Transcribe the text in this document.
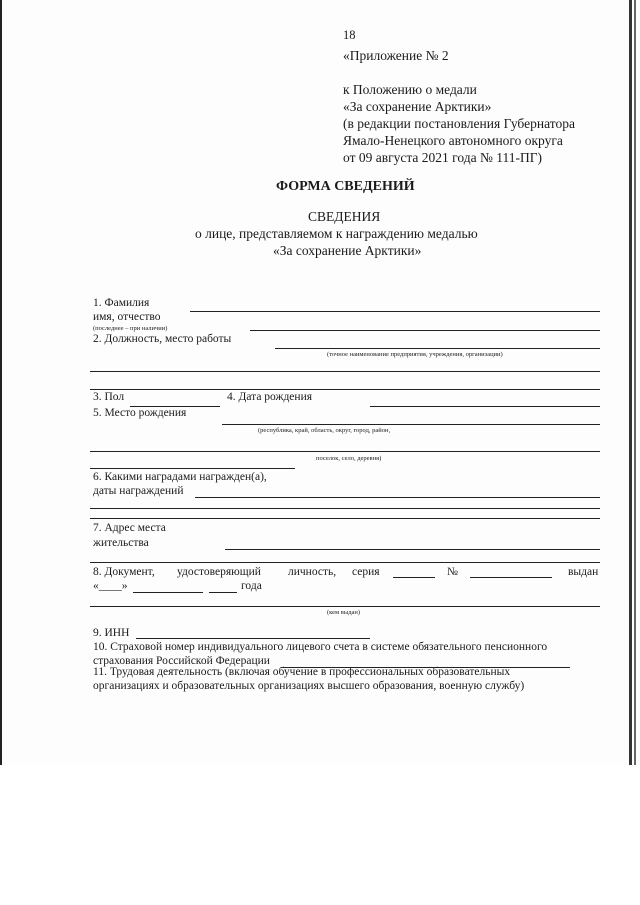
18
«Приложение № 2
к Положению о медали
«За сохранение Арктики»
(в редакции постановления Губернатора
Ямало-Ненецкого автономного округа
от 09 августа 2021 года № 111-ПГ)
ФОРМА СВЕДЕНИЙ
СВЕДЕНИЯ
о лице, представляемом к награждению медалью
«За сохранение Арктики»
1. Фамилия
имя, отчество
(последнее – при наличии)
2. Должность, место работы
(точное наименование предприятия, учреждения, организации)
3. Пол	4. Дата рождения
5. Место рождения
(республика, край, область, округ, город, район,
поселок, село, деревня)
6. Какими наградами награжден(а),
даты награждений
7. Адрес места
жительства
8. Документ, удостоверяющий личность, серия	№	выдан
«____»	года
(кем выдан)
9. ИНН
10. Страховой номер индивидуального лицевого счета в системе обязательного пенсионного
страхования Российской Федерации
11. Трудовая деятельность (включая обучение в профессиональных образовательных
организациях и образовательных организациях высшего образования, военную службу)
